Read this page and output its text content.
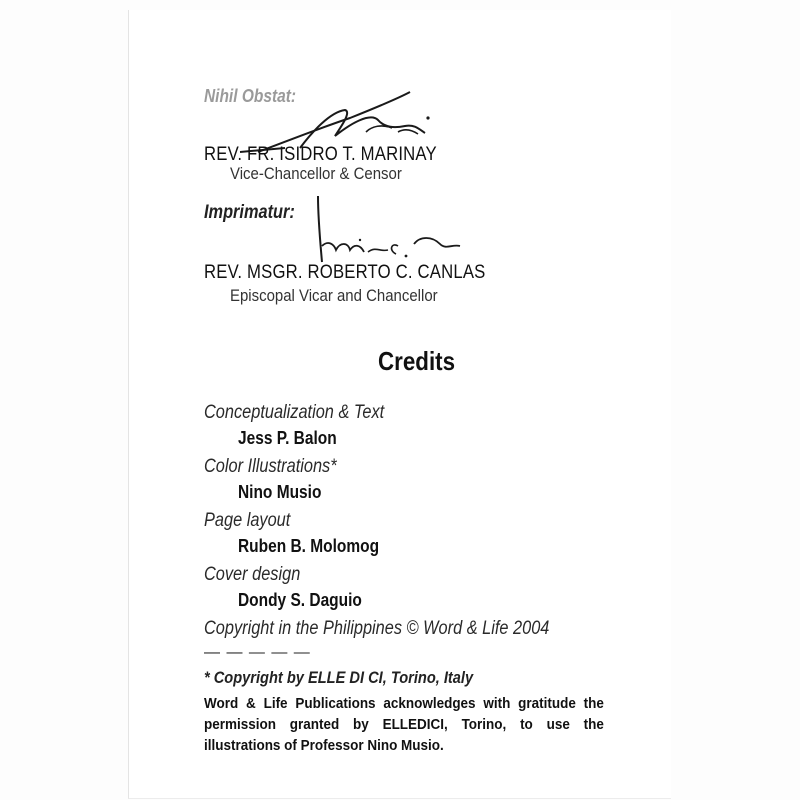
Nihil Obstat:
REV. FR. ISIDRO T. MARINAY
Vice-Chancellor & Censor
Imprimatur:
REV. MSGR. ROBERTO C. CANLAS
Episcopal Vicar and Chancellor
Credits
Conceptualization & Text
Jess P. Balon
Color Illustrations*
Nino Musio
Page layout
Ruben B. Molomog
Cover design
Dondy S. Daguio
Copyright in the Philippines © Word & Life 2004
— — — — —
* Copyright by ELLE DI CI, Torino, Italy
Word & Life Publications acknowledges with gratitude the permission granted by ELLEDICI, Torino, to use the illustrations of Professor Nino Musio.
